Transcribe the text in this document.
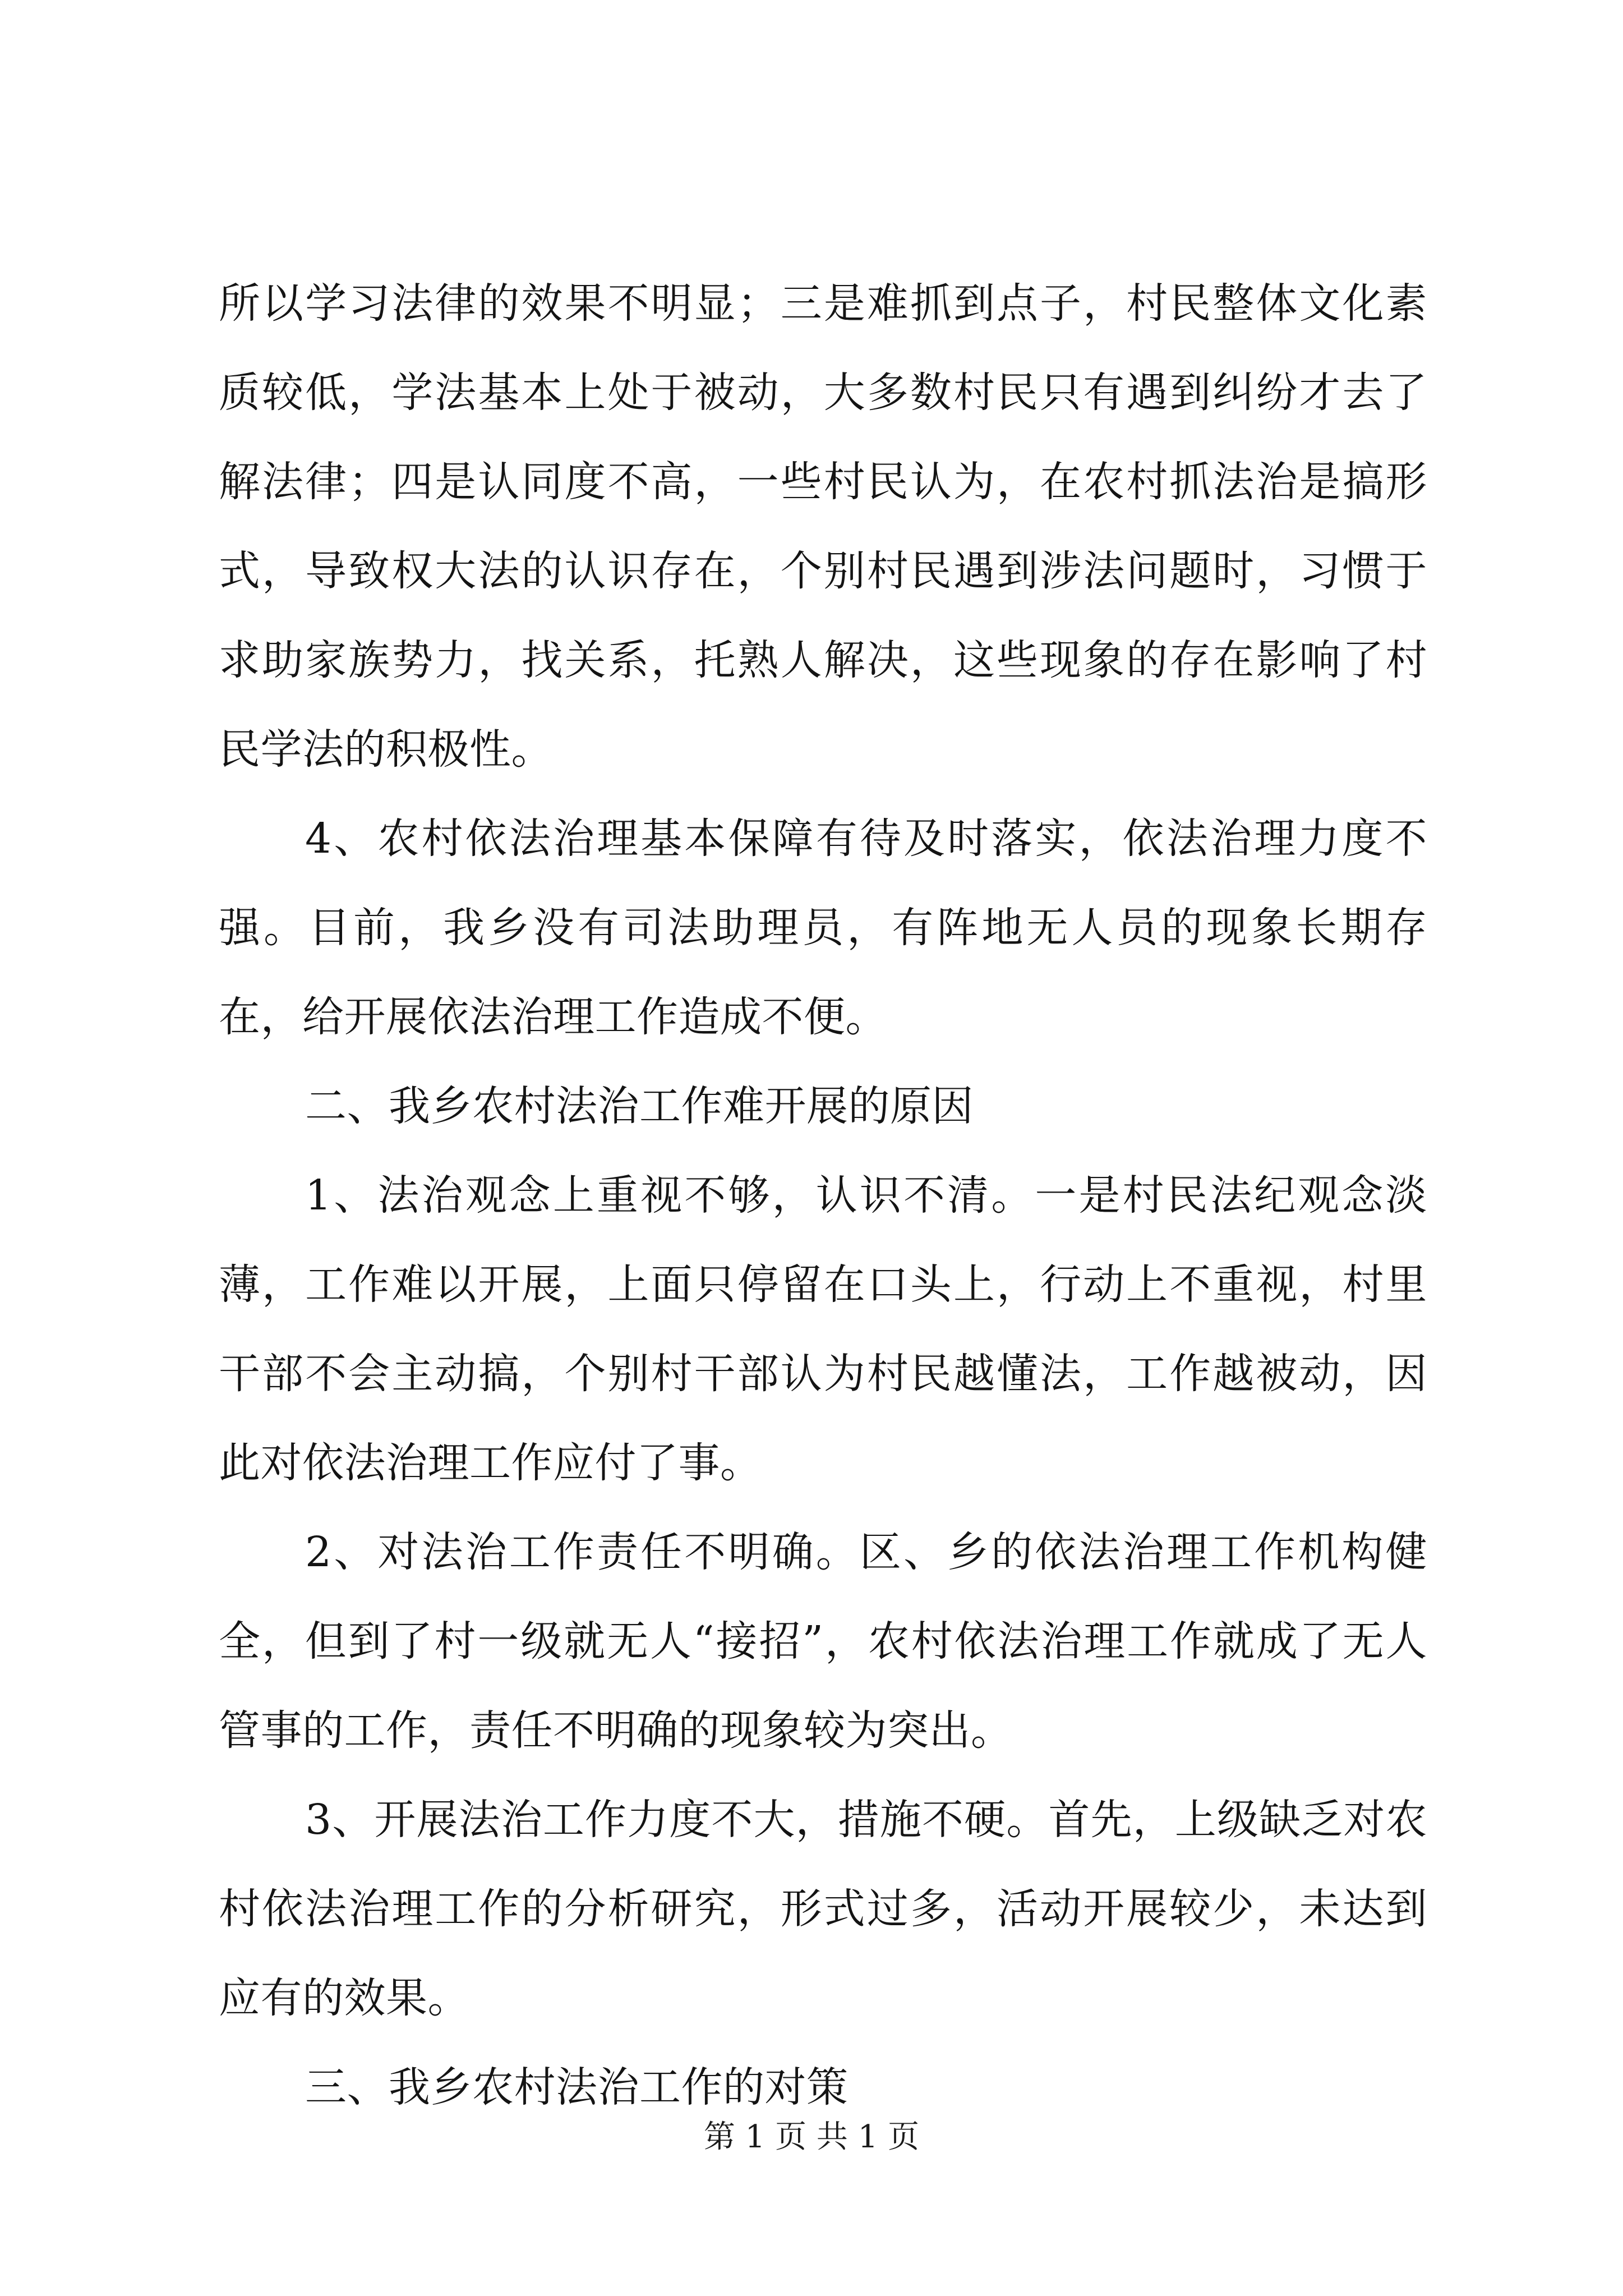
所以学习法律的效果不明显；三是难抓到点子，村民整体文化素质较低，学法基本上处于被动，大多数村民只有遇到纠纷才去了解法律；四是认同度不高，一些村民认为，在农村抓法治是搞形式，导致权大法的认识存在，个别村民遇到涉法问题时，习惯于求助家族势力，找关系，托熟人解决，这些现象的存在影响了村民学法的积极性。

4、农村依法治理基本保障有待及时落实，依法治理力度不强。目前，我乡没有司法助理员，有阵地无人员的现象长期存在，给开展依法治理工作造成不便。

二、我乡农村法治工作难开展的原因

1、法治观念上重视不够，认识不清。一是村民法纪观念淡薄，工作难以开展，上面只停留在口头上，行动上不重视，村里干部不会主动搞，个别村干部认为村民越懂法，工作越被动，因此对依法治理工作应付了事。

2、对法治工作责任不明确。区、乡的依法治理工作机构健全，但到了村一级就无人“接招”，农村依法治理工作就成了无人管事的工作，责任不明确的现象较为突出。

3、开展法治工作力度不大，措施不硬。首先，上级缺乏对农村依法治理工作的分析研究，形式过多，活动开展较少，未达到应有的效果。

三、我乡农村法治工作的对策

第 1 页 共 1 页
